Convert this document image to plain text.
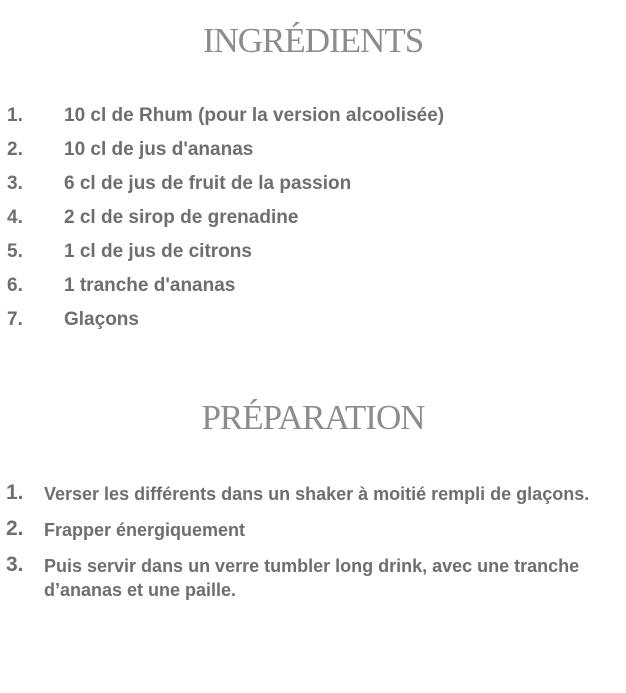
INGRÉDIENTS
1. 10 cl de Rhum (pour la version alcoolisée)
2. 10 cl de jus d'ananas
3. 6 cl de jus de fruit de la passion
4. 2 cl de sirop de grenadine
5. 1 cl de jus de citrons
6. 1 tranche d'ananas
7. Glaçons
PRÉPARATION
1. Verser les différents dans un shaker à moitié rempli de glaçons.
2. Frapper énergiquement
3. Puis servir dans un verre tumbler long drink, avec une tranche d’ananas et une paille.
